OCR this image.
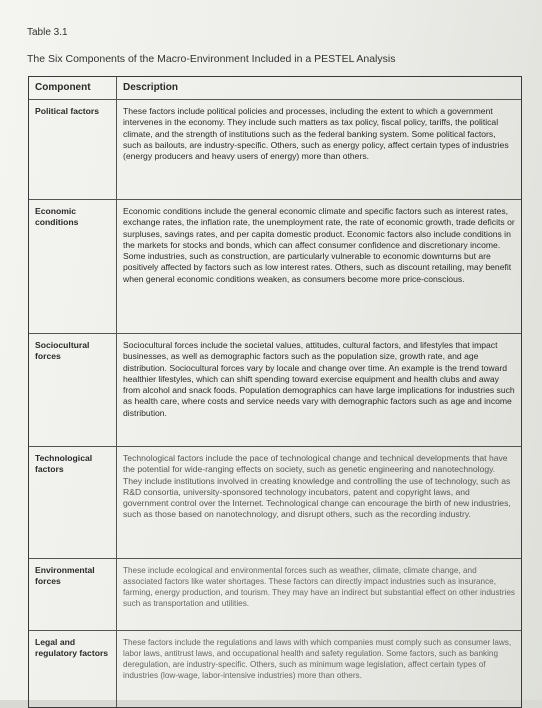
Table 3.1
The Six Components of the Macro-Environment Included in a PESTEL Analysis
Component	Description
Political factors	These factors include political policies and processes, including the extent to which a government intervenes in the economy. They include such matters as tax policy, fiscal policy, tariffs, the political climate, and the strength of institutions such as the federal banking system. Some political factors, such as bailouts, are industry-specific. Others, such as energy policy, affect certain types of industries (energy producers and heavy users of energy) more than others.
Economic conditions
Economic conditions include the general economic climate and specific factors such as interest rates, exchange rates, the inflation rate, the unemployment rate, the rate of economic growth, trade deficits or surpluses, savings rates, and per capita domestic product. Economic factors also include conditions in the markets for stocks and bonds, which can affect consumer confidence and discretionary income. Some industries, such as construction, are particularly vulnerable to economic downturns but are positively affected by factors such as low interest rates. Others, such as discount retailing, may benefit when general economic conditions weaken, as consumers become more price-conscious.
Sociocultural forces
Sociocultural forces include the societal values, attitudes, cultural factors, and lifestyles that impact businesses, as well as demographic factors such as the population size, growth rate, and age distribution. Sociocultural forces vary by locale and change over time. An example is the trend toward healthier lifestyles, which can shift spending toward exercise equipment and health clubs and away from alcohol and snack foods. Population demographics can have large implications for industries such as health care, where costs and service needs vary with demographic factors such as age and income distribution.
Technological factors
Technological factors include the pace of technological change and technical developments that have the potential for wide-ranging effects on society, such as genetic engineering and nanotechnology. They include institutions involved in creating knowledge and controlling the use of technology, such as R&D consortia, university-sponsored technology incubators, patent and copyright laws, and government control over the Internet. Technological change can encourage the birth of new industries, such as those based on nanotechnology, and disrupt others, such as the recording industry.
Environmental forces
These include ecological and environmental forces such as weather, climate, climate change, and associated factors like water shortages. These factors can directly impact industries such as insurance, farming, energy production, and tourism. They may have an indirect but substantial effect on other industries such as transportation and utilities.
Legal and regulatory factors
These factors include the regulations and laws with which companies must comply such as consumer laws, labor laws, antitrust laws, and occupational health and safety regulation. Some factors, such as banking deregulation, are industry-specific. Others, such as minimum wage legislation, affect certain types of industries (low-wage, labor-intensive industries) more than others.
